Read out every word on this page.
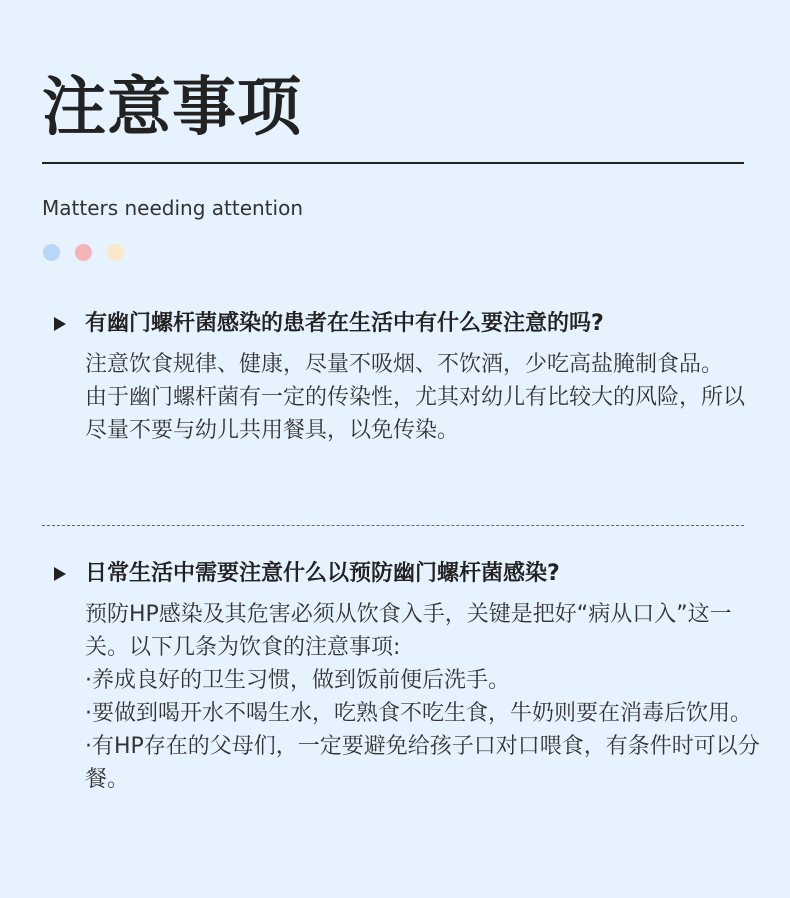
注意事项
Matters needing attention
有幽门螺杆菌感染的患者在生活中有什么要注意的吗?

注意饮食规律、健康，尽量不吸烟、不饮酒，少吃高盐腌制食品。

由于幽门螺杆菌有一定的传染性，尤其对幼儿有比较大的风险，所以尽量不要与幼儿共用餐具，以免传染。

日常生活中需要注意什么以预防幽门螺杆菌感染?

预防HP感染及其危害必须从饮食入手，关键是把好“病从口入”这一关。以下几条为饮食的注意事项:

·养成良好的卫生习惯，做到饭前便后洗手。

·要做到喝开水不喝生水，吃熟食不吃生食，牛奶则要在消毒后饮用。

·有HP存在的父母们，一定要避免给孩子口对口喂食，有条件时可以分餐。
